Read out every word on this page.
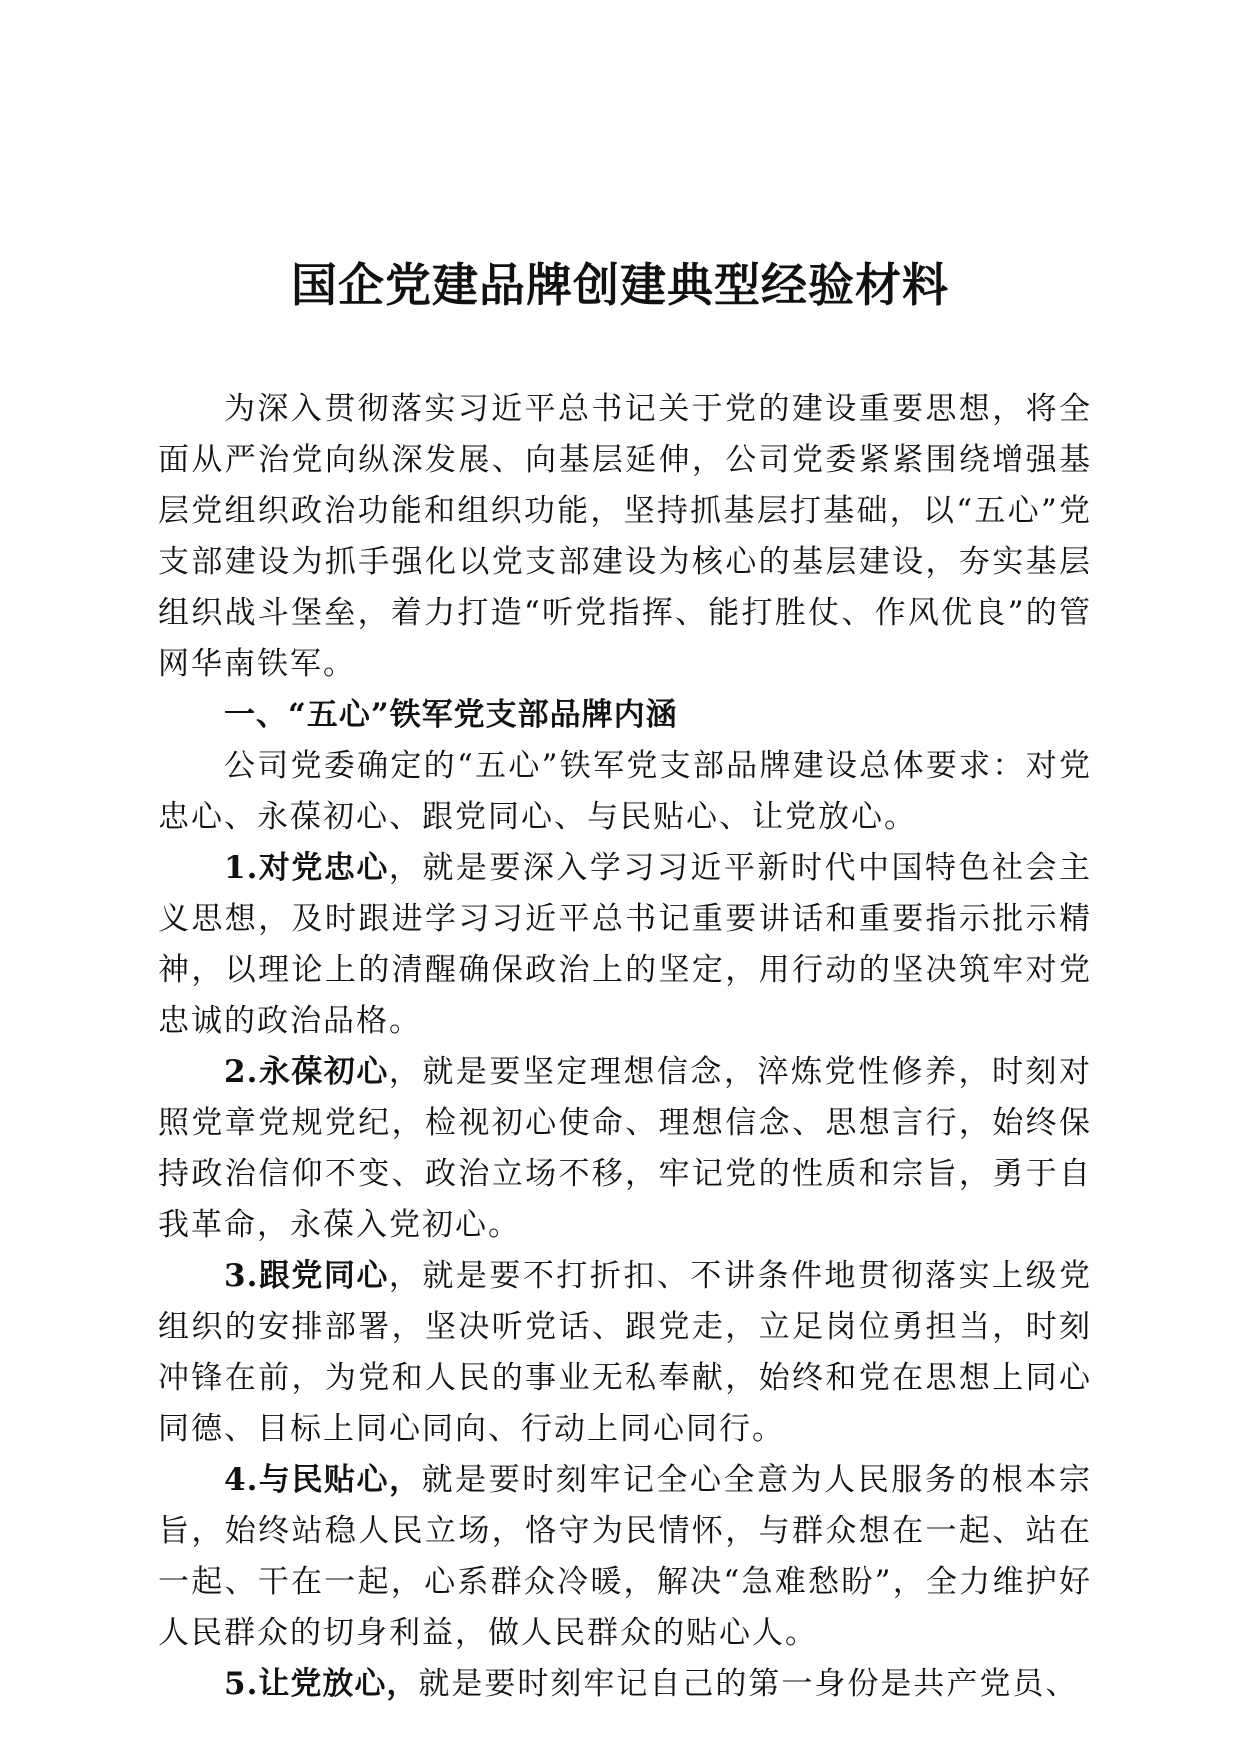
国企党建品牌创建典型经验材料

为深入贯彻落实习近平总书记关于党的建设重要思想，将全面从严治党向纵深发展、向基层延伸，公司党委紧紧围绕增强基层党组织政治功能和组织功能，坚持抓基层打基础，以“五心”党支部建设为抓手强化以党支部建设为核心的基层建设，夯实基层组织战斗堡垒，着力打造“听党指挥、能打胜仗、作风优良”的管网华南铁军。

一、“五心”铁军党支部品牌内涵

公司党委确定的“五心”铁军党支部品牌建设总体要求：对党忠心、永葆初心、跟党同心、与民贴心、让党放心。

1.对党忠心，就是要深入学习习近平新时代中国特色社会主义思想，及时跟进学习习近平总书记重要讲话和重要指示批示精神，以理论上的清醒确保政治上的坚定，用行动的坚决筑牢对党忠诚的政治品格。

2.永葆初心，就是要坚定理想信念，淬炼党性修养，时刻对照党章党规党纪，检视初心使命、理想信念、思想言行，始终保持政治信仰不变、政治立场不移，牢记党的性质和宗旨，勇于自我革命，永葆入党初心。

3.跟党同心，就是要不打折扣、不讲条件地贯彻落实上级党组织的安排部署，坚决听党话、跟党走，立足岗位勇担当，时刻冲锋在前，为党和人民的事业无私奉献，始终和党在思想上同心同德、目标上同心同向、行动上同心同行。

4.与民贴心，就是要时刻牢记全心全意为人民服务的根本宗旨，始终站稳人民立场，恪守为民情怀，与群众想在一起、站在一起、干在一起，心系群众冷暖，解决“急难愁盼”，全力维护好人民群众的切身利益，做人民群众的贴心人。

5.让党放心，就是要时刻牢记自己的第一身份是共产党员、
